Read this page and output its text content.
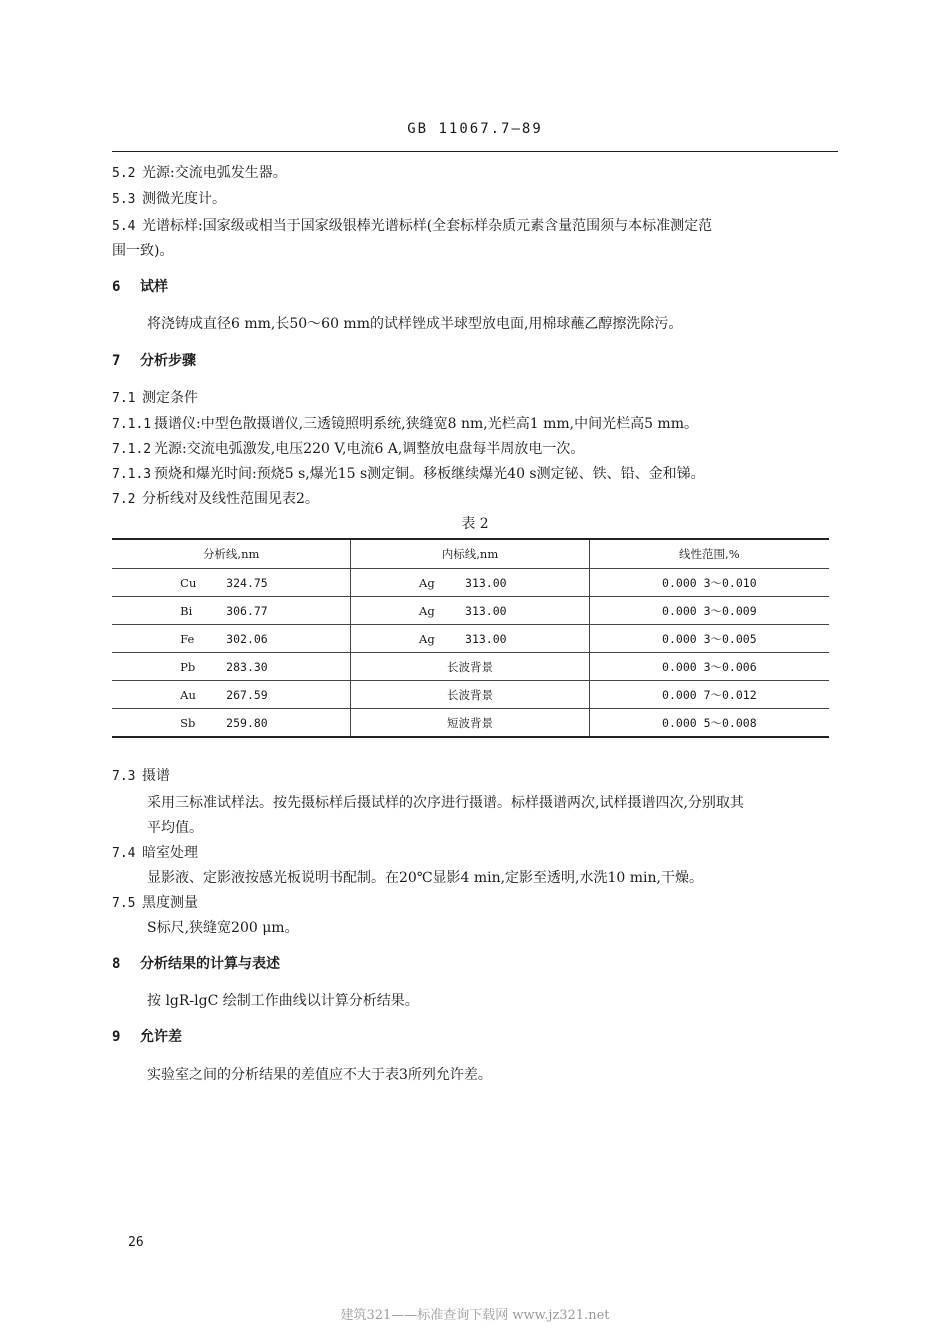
GB 11067.7—89
5.2 光源:交流电弧发生器。
5.3 测微光度计。
5.4 光谱标样:国家级或相当于国家级银棒光谱标样(全套标样杂质元素含量范围须与本标准测定范
围一致)。
6 试样
将浇铸成直径6 mm,长50～60 mm的试样锉成半球型放电面,用棉球蘸乙醇擦洗除污。
7 分析步骤
7.1 测定条件
7.1.1 摄谱仪:中型色散摄谱仪,三透镜照明系统,狭缝宽8 nm,光栏高1 mm,中间光栏高5 mm。
7.1.2 光源:交流电弧激发,电压220 V,电流6 A,调整放电盘每半周放电一次。
7.1.3 预烧和爆光时间:预烧5 s,爆光15 s测定铜。移板继续爆光40 s测定铋、铁、铅、金和锑。
7.2 分析线对及线性范围见表2。
表 2
分析线,nm	内标线,nm	线性范围,%
Cu 324.75	Ag 313.00	0.000 3～0.010
Bi 306.77	Ag 313.00	0.000 3～0.009
Fe 302.06	Ag 313.00	0.000 3～0.005
Pb 283.30	长波背景	0.000 3～0.006
Au 267.59	长波背景	0.000 7～0.012
Sb 259.80	短波背景	0.000 5～0.008
7.3 摄谱
采用三标准试样法。按先摄标样后摄试样的次序进行摄谱。标样摄谱两次,试样摄谱四次,分别取其
平均值。
7.4 暗室处理
显影液、定影液按感光板说明书配制。在20℃显影4 min,定影至透明,水洗10 min,干燥。
7.5 黑度测量
S标尺,狭缝宽200 μm。
8 分析结果的计算与表述
按 lgR-lgC 绘制工作曲线以计算分析结果。
9 允许差
实验室之间的分析结果的差值应不大于表3所列允许差。
26
建筑321——标准查询下载网 www.jz321.net
